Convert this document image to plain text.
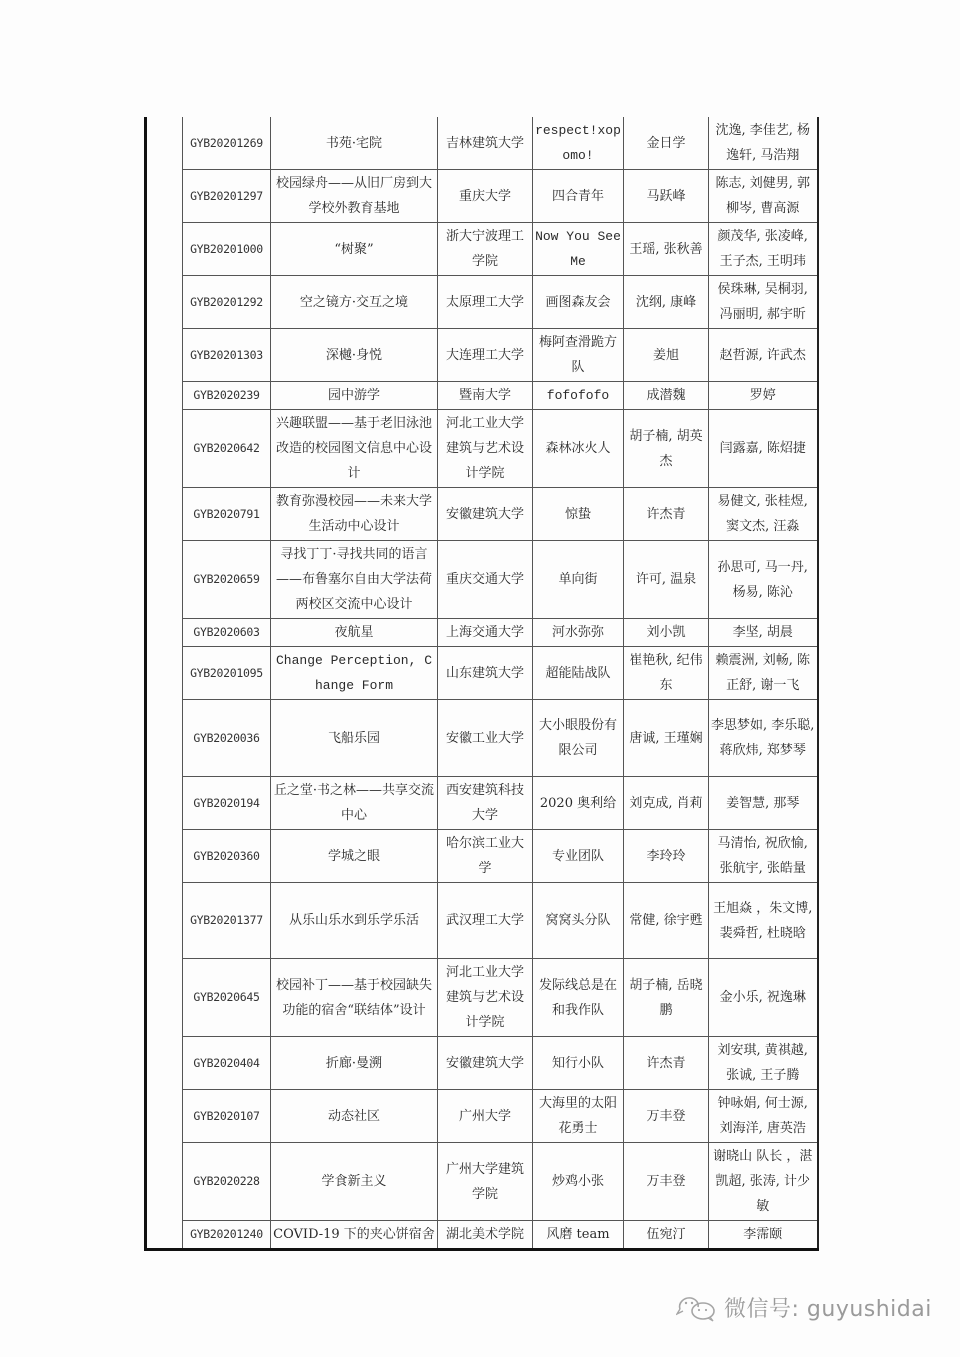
	GYB20201269	书苑·宅院	吉林建筑大学	respect!xopomo!	金日学	沈逸, 李佳艺, 杨逸轩, 马浩翔
	GYB20201297	校园绿舟——从旧厂房到大学校外教育基地	重庆大学	四合青年	马跃峰	陈志, 刘健男, 郭柳岑, 曹高源
	GYB20201000	“树聚”	浙大宁波理工学院	Now You See Me	王瑶, 张秋善	颜茂华, 张凌峰, 王子杰, 王明玮
	GYB20201292	空之镜方·交互之境	太原理工大学	画图森友会	沈纲, 康峰	侯珠琳, 吴桐羽, 冯丽明, 郝宇昕
	GYB20201303	深樾·身悦	大连理工大学	梅阿查滑跪方队	姜旭	赵哲源, 许武杰
	GYB2020239	园中游学	暨南大学	fofofofo	成潜魏	罗婷
	GYB2020642	兴趣联盟——基于老旧泳池改造的校园图文信息中心设计	河北工业大学建筑与艺术设计学院	森林冰火人	胡子楠, 胡英杰	闫露嘉, 陈炤捷
	GYB2020791	教育弥漫校园——未来大学生活动中心设计	安徽建筑大学	惊蛰	许杰青	易健文, 张桂煜, 窦文杰, 汪淼
	GYB2020659	寻找丁丁·寻找共同的语言——布鲁塞尔自由大学法荷两校区交流中心设计	重庆交通大学	单向街	许可, 温泉	孙思可, 马一丹, 杨易, 陈沁
	GYB2020603	夜航星	上海交通大学	河水弥弥	刘小凯	李坚, 胡晨
	GYB20201095	Change Perception, Change Form	山东建筑大学	超能陆战队	崔艳秋, 纪伟东	赖震洲, 刘畅, 陈正舒, 谢一飞
	GYB2020036	飞船乐园	安徽工业大学	大小眼股份有限公司	唐诚, 王瑾娴	李思梦如, 李乐聪, 蒋欣炜, 郑梦琴
	GYB2020194	丘之堂·书之林——共享交流中心	西安建筑科技大学	2020 奥利给	刘克成, 肖莉	姜智慧, 那琴
	GYB2020360	学城之眼	哈尔滨工业大学	专业团队	李玲玲	马清怡, 祝欣愉, 张航宇, 张皓量
	GYB20201377	从乐山乐水到乐学乐活	武汉理工大学	窝窝头分队	常健, 徐宇甦	王旭焱 ，朱文博, 裴舜哲, 杜晓晗
	GYB2020645	校园补丁——基于校园缺失功能的宿舍“联结体”设计	河北工业大学建筑与艺术设计学院	发际线总是在和我作队	胡子楠, 岳晓鹏	金小乐, 祝逸琳
	GYB2020404	折廊·曼溯	安徽建筑大学	知行小队	许杰青	刘安琪, 黄祺越, 张诚, 王子腾
	GYB2020107	动态社区	广州大学	大海里的太阳花勇士	万丰登	钟咏娟, 何士源, 刘海洋, 唐英浩
	GYB2020228	学食新主义	广州大学建筑学院	炒鸡小张	万丰登	谢晓山 队长 ，湛凯超, 张涛, 计少敏
	GYB20201240	COVID-19 下的夹心饼宿舍	湖北美术学院	风磨 team	伍宛汀	李霈颐
微信号: guyushidai
